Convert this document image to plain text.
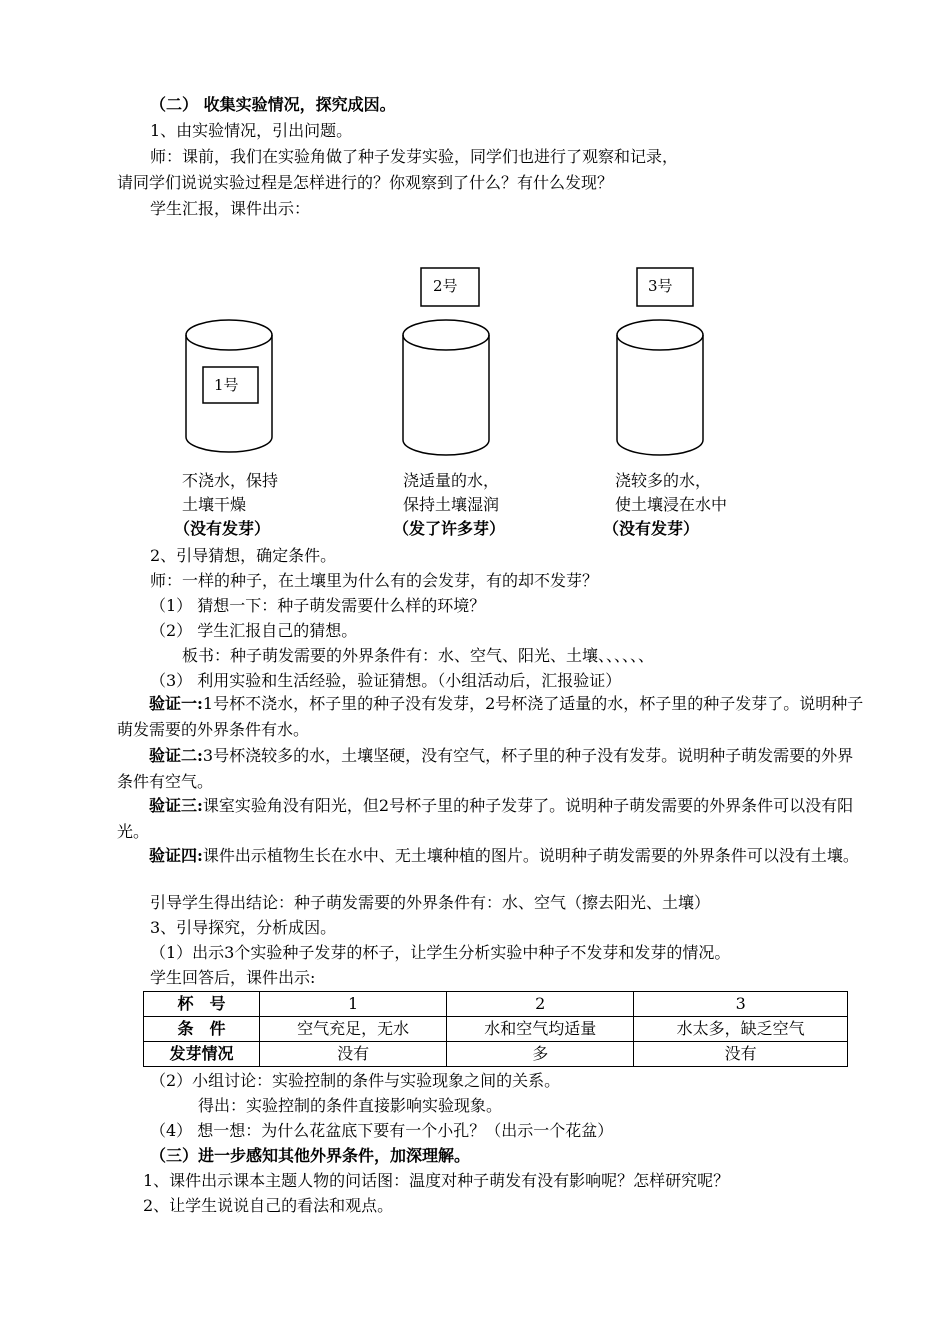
（二） 收集实验情况，探究成因。
1、由实验情况，引出问题。
师：课前，我们在实验角做了种子发芽实验，同学们也进行了观察和记录，
请同学们说说实验过程是怎样进行的？你观察到了什么？有什么发现？
学生汇报，课件出示：
1号
2号	3号
不浇水，保持
土壤干燥
（没有发芽）
浇适量的水，
保持土壤湿润
（发了许多芽）
浇较多的水，
使土壤浸在水中
（没有发芽）
2、引导猜想，确定条件。
师：一样的种子，在土壤里为什么有的会发芽，有的却不发芽？
（1） 猜想一下：种子萌发需要什么样的环境？
（2） 学生汇报自己的猜想。
板书：种子萌发需要的外界条件有：水、空气、阳光、土壤、、、、、、
（3） 利用实验和生活经验，验证猜想。（小组活动后，汇报验证）
验证一:1号杯不浇水，杯子里的种子没有发芽，2号杯浇了适量的水，杯子里的种子发芽了。说明种子萌发需要的外界条件有水。
验证二:3号杯浇较多的水，土壤坚硬，没有空气，杯子里的种子没有发芽。说明种子萌发需要的外界条件有空气。
验证三:课室实验角没有阳光，但2号杯子里的种子发芽了。说明种子萌发需要的外界条件可以没有阳光。
验证四:课件出示植物生长在水中、无土壤种植的图片。说明种子萌发需要的外界条件可以没有土壤。
引导学生得出结论：种子萌发需要的外界条件有：水、空气（擦去阳光、土壤）
3、引导探究，分析成因。
（1）出示3个实验种子发芽的杯子，让学生分析实验中种子不发芽和发芽的情况。
学生回答后，课件出示:
杯　号	1	2	3
条　件	空气充足，无水	水和空气均适量	水太多，缺乏空气
发芽情况	没有	多	没有
（2）小组讨论：实验控制的条件与实验现象之间的关系。
得出：实验控制的条件直接影响实验现象。
（4） 想一想：为什么花盆底下要有一个小孔？（出示一个花盆）
（三）进一步感知其他外界条件，加深理解。
1、课件出示课本主题人物的问话图：温度对种子萌发有没有影响呢？怎样研究呢？
2、让学生说说自己的看法和观点。
